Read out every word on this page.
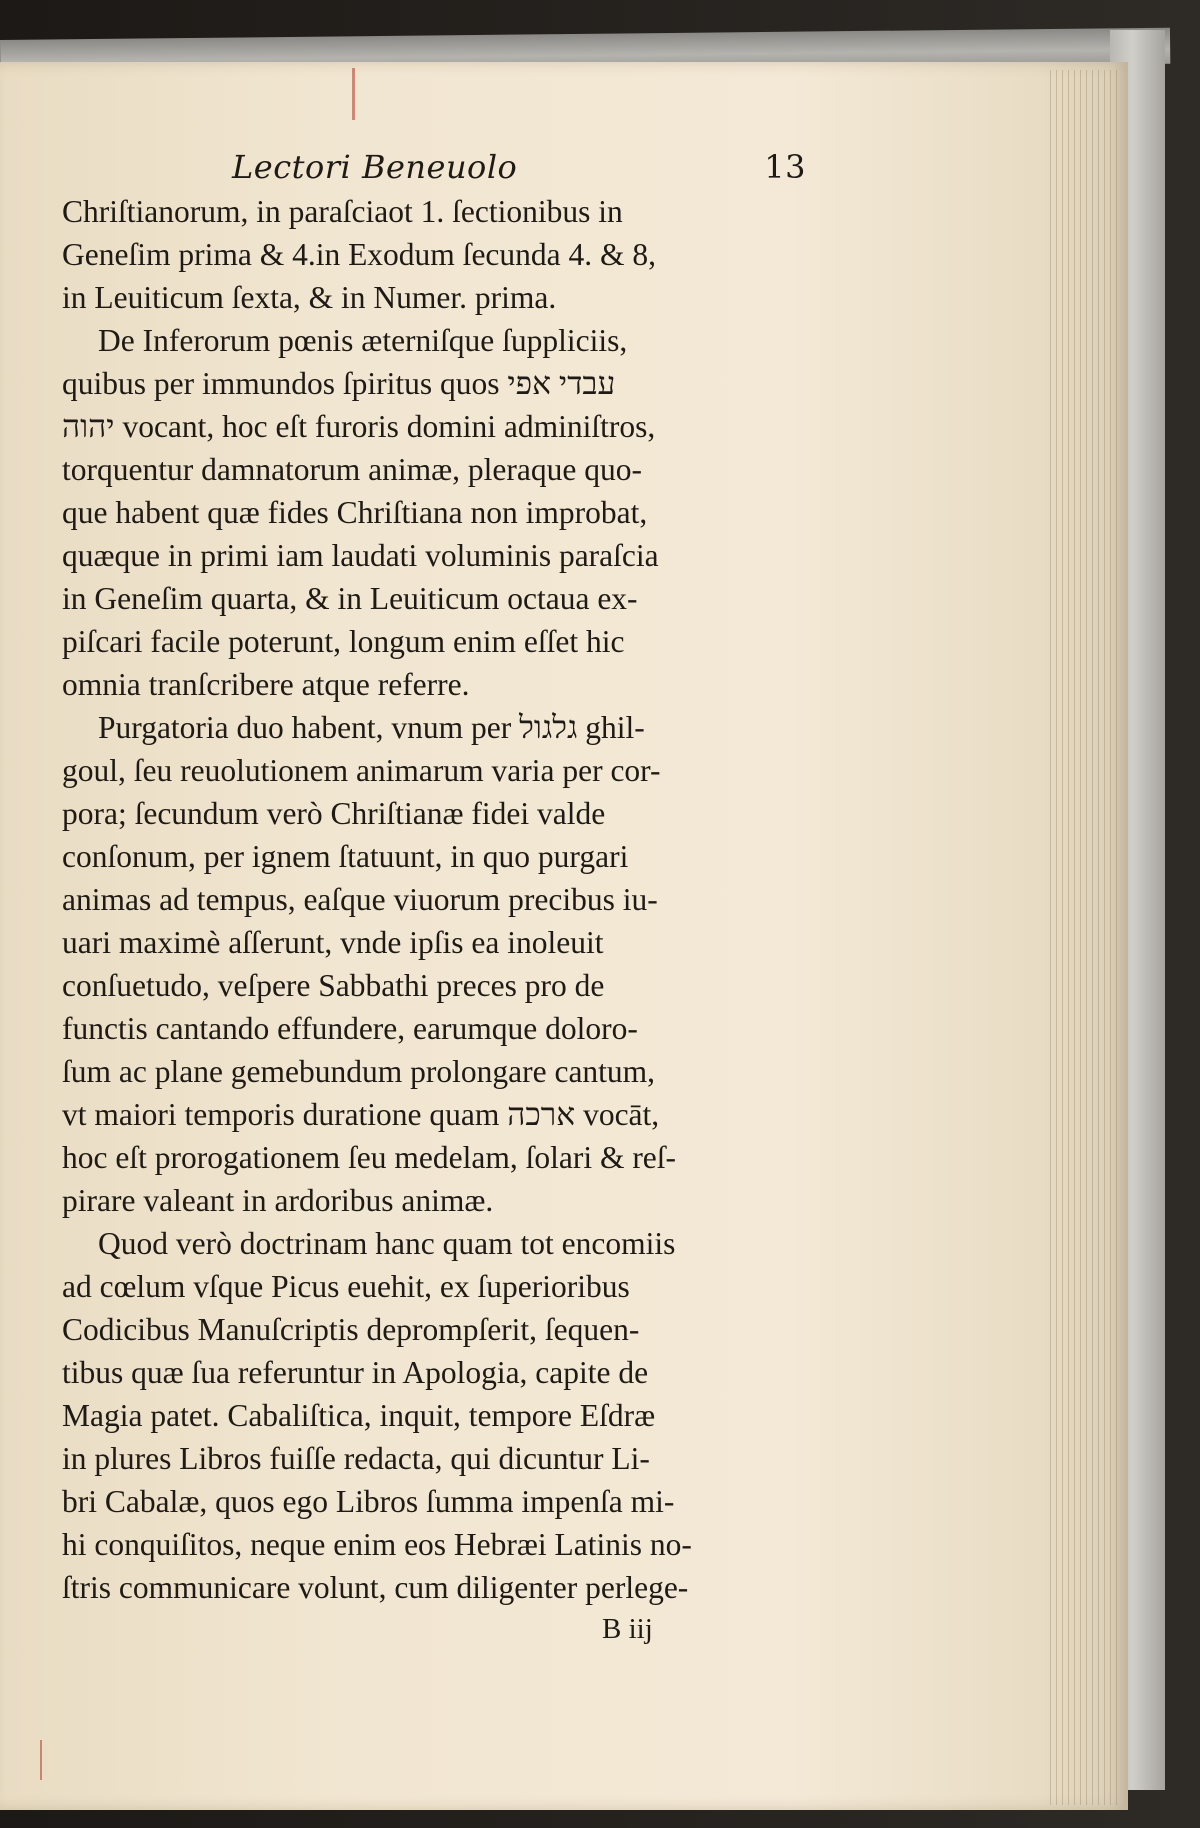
Lectori Beneuolo	13
Chriſtianorum, in paraſciaot 1. ſectionibus in
Geneſim prima & 4.in Exodum ſecunda 4. & 8,
in Leuiticum ſexta, & in Numer. prima.
De Inferorum pœnis æterniſque ſuppliciis,
quibus per immundos ſpiritus quos עבדי אפי
יהוה vocant, hoc eſt furoris domini adminiſtros,
torquentur damnatorum animæ, pleraque quo-
que habent quæ fides Chriſtiana non improbat,
quæque in primi iam laudati voluminis paraſcia
in Geneſim quarta, & in Leuiticum octaua ex-
piſcari facile poterunt, longum enim eſſet hic
omnia tranſcribere atque referre.
Purgatoria duo habent, vnum per גלגול ghil-
goul, ſeu reuolutionem animarum varia per cor-
pora; ſecundum verò Chriſtianæ fidei valde
conſonum, per ignem ſtatuunt, in quo purgari
animas ad tempus, eaſque viuorum precibus iu-
uari maximè aſſerunt, vnde ipſis ea inoleuit
conſuetudo, veſpere Sabbathi preces pro de
functis cantando effundere, earumque doloro-
ſum ac plane gemebundum prolongare cantum,
vt maiori temporis duratione quam ארכה vocāt,
hoc eſt prorogationem ſeu medelam, ſolari & reſ-
pirare valeant in ardoribus animæ.
Quod verò doctrinam hanc quam tot encomiis
ad cœlum vſque Picus euehit, ex ſuperioribus
Codicibus Manuſcriptis deprompſerit, ſequen-
tibus quæ ſua referuntur in Apologia, capite de
Magia patet. Cabaliſtica, inquit, tempore Eſdræ
in plures Libros fuiſſe redacta, qui dicuntur Li-
bri Cabalæ, quos ego Libros ſumma impenſa mi-
hi conquiſitos, neque enim eos Hebræi Latinis no-
ſtris communicare volunt, cum diligenter perlege-
B iij
